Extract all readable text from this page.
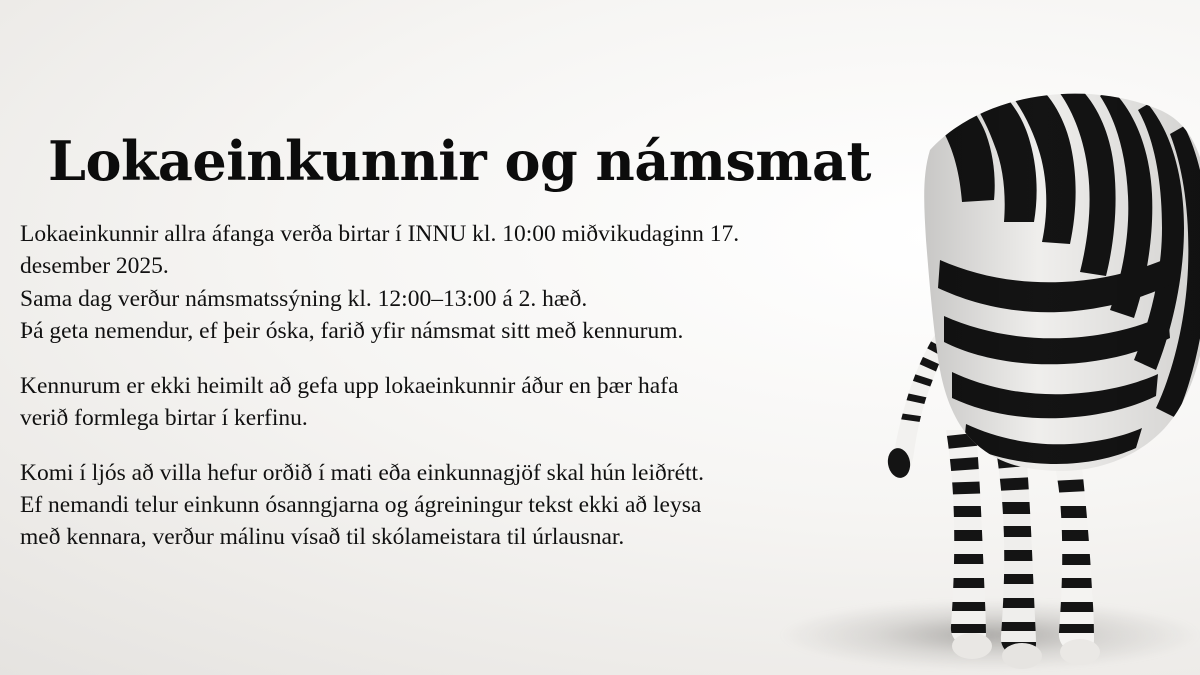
Lokaeinkunnir og námsmat

Lokaeinkunnir allra áfanga verða birtar í INNU kl. 10:00 miðvikudaginn 17.
desember 2025.
Sama dag verður námsmatssýning kl. 12:00–13:00 á 2. hæð.
Þá geta nemendur, ef þeir óska, farið yfir námsmat sitt með kennurum.

Kennurum er ekki heimilt að gefa upp lokaeinkunnir áður en þær hafa
verið formlega birtar í kerfinu.

Komi í ljós að villa hefur orðið í mati eða einkunnagjöf skal hún leiðrétt.
Ef nemandi telur einkunn ósanngjarna og ágreiningur tekst ekki að leysa
með kennara, verður málinu vísað til skólameistara til úrlausnar.
